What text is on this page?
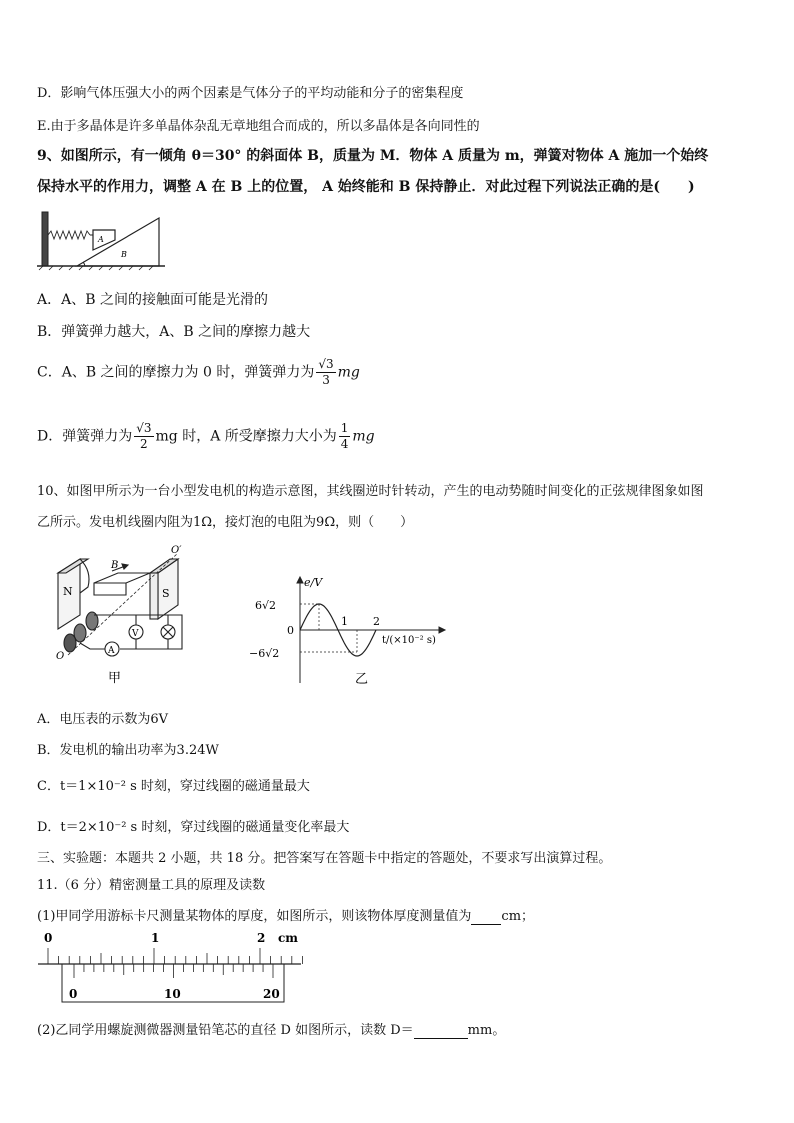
D．影响气体压强大小的两个因素是气体分子的平均动能和分子的密集程度
E.由于多晶体是许多单晶体杂乱无章地组合而成的，所以多晶体是各向同性的
9、如图所示，有一倾角 θ＝30° 的斜面体 B，质量为 M．物体 A 质量为 m，弹簧对物体 A 施加一个始终
保持水平的作用力，调整 A 在 B 上的位置， A 始终能和 B 保持静止．对此过程下列说法正确的是(　　)
A
B
A．A、B 之间的接触面可能是光滑的
B．弹簧弹力越大，A、B 之间的摩擦力越大
C．A、B 之间的摩擦力为 0 时，弹簧弹力为 $\frac{√3}{3}$ mg
D．弹簧弹力为 $\frac{√3}{2}$ mg 时，A 所受摩擦力大小为 $\frac{1}{4}$ mg
10、如图甲所示为一台小型发电机的构造示意图，其线圈逆时针转动，产生的电动势随时间变化的正弦规律图象如图
乙所示。发电机线圈内阻为1Ω，接灯泡的电阻为9Ω，则（　　）
N	S
B
O
O′
A
V
甲
e/V
6√2
0
−6√2
1 2
t/(×10⁻² s)
乙
A．电压表的示数为6V
B．发电机的输出功率为3.24W
C．t＝1×10⁻² s 时刻，穿过线圈的磁通量最大
D．t＝2×10⁻² s 时刻，穿过线圈的磁通量变化率最大
三、实验题：本题共 2 小题，共 18 分。把答案写在答题卡中指定的答题处，不要求写出演算过程。
11.（6 分）精密测量工具的原理及读数
(1)甲同学用游标卡尺测量某物体的厚度，如图所示，则该物体厚度测量值为 cm；
0	1	2 cm
0	10	20
(2)乙同学用螺旋测微器测量铅笔芯的直径 D 如图所示，读数 D＝	mm。
